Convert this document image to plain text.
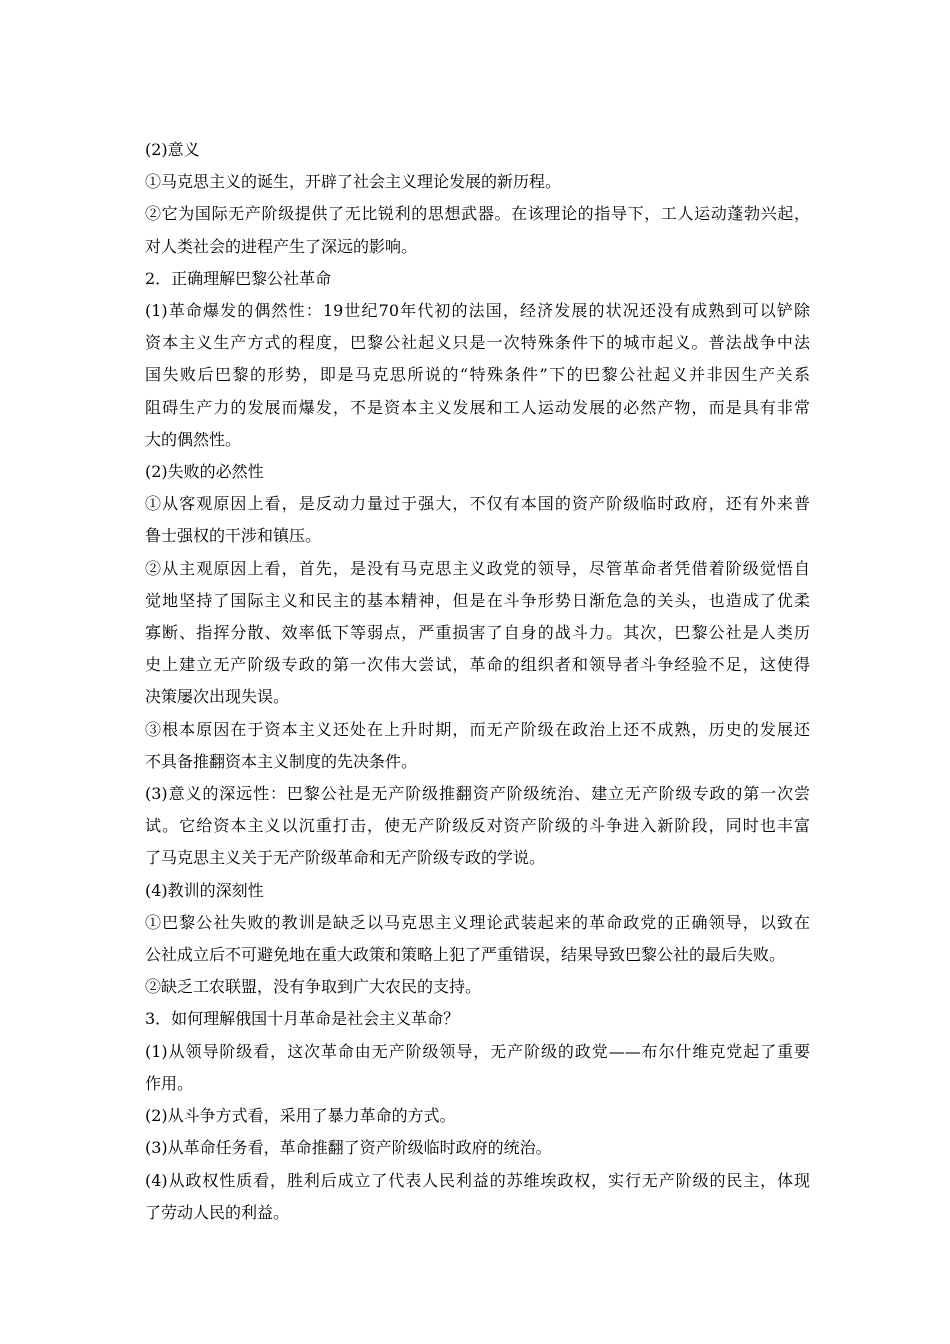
(2)意义

①马克思主义的诞生，开辟了社会主义理论发展的新历程。

②它为国际无产阶级提供了无比锐利的思想武器。在该理论的指导下，工人运动蓬勃兴起，
对人类社会的进程产生了深远的影响。

2．正确理解巴黎公社革命

(1)革命爆发的偶然性：19世纪70年代初的法国，经济发展的状况还没有成熟到可以铲除
资本主义生产方式的程度，巴黎公社起义只是一次特殊条件下的城市起义。普法战争中法
国失败后巴黎的形势，即是马克思所说的“特殊条件”下的巴黎公社起义并非因生产关系
阻碍生产力的发展而爆发，不是资本主义发展和工人运动发展的必然产物，而是具有非常
大的偶然性。

(2)失败的必然性

①从客观原因上看，是反动力量过于强大，不仅有本国的资产阶级临时政府，还有外来普
鲁士强权的干涉和镇压。

②从主观原因上看，首先，是没有马克思主义政党的领导，尽管革命者凭借着阶级觉悟自
觉地坚持了国际主义和民主的基本精神，但是在斗争形势日渐危急的关头，也造成了优柔
寡断、指挥分散、效率低下等弱点，严重损害了自身的战斗力。其次，巴黎公社是人类历
史上建立无产阶级专政的第一次伟大尝试，革命的组织者和领导者斗争经验不足，这使得
决策屡次出现失误。

③根本原因在于资本主义还处在上升时期，而无产阶级在政治上还不成熟，历史的发展还
不具备推翻资本主义制度的先决条件。

(3)意义的深远性：巴黎公社是无产阶级推翻资产阶级统治、建立无产阶级专政的第一次尝
试。它给资本主义以沉重打击，使无产阶级反对资产阶级的斗争进入新阶段，同时也丰富
了马克思主义关于无产阶级革命和无产阶级专政的学说。

(4)教训的深刻性

①巴黎公社失败的教训是缺乏以马克思主义理论武装起来的革命政党的正确领导，以致在
公社成立后不可避免地在重大政策和策略上犯了严重错误，结果导致巴黎公社的最后失败。

②缺乏工农联盟，没有争取到广大农民的支持。

3．如何理解俄国十月革命是社会主义革命？

(1)从领导阶级看，这次革命由无产阶级领导，无产阶级的政党——布尔什维克党起了重要
作用。

(2)从斗争方式看，采用了暴力革命的方式。

(3)从革命任务看，革命推翻了资产阶级临时政府的统治。

(4)从政权性质看，胜利后成立了代表人民利益的苏维埃政权，实行无产阶级的民主，体现
了劳动人民的利益。
